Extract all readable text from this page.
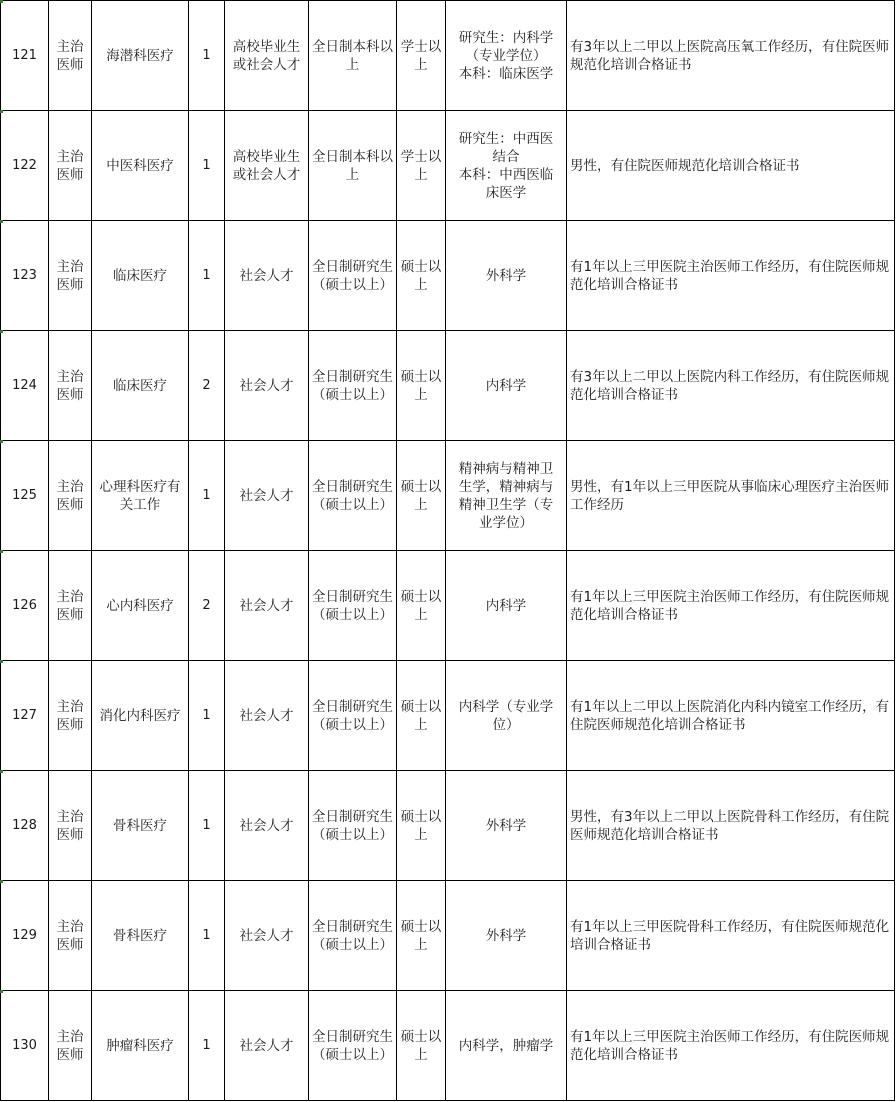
121	主治医师	海潜科医疗	1	高校毕业生或社会人才	全日制本科以上	学士以上	研究生：内科学
（专业学位）
本科：临床医学	有3年以上二甲以上医院高压氧工作经历，有住院医师规范化培训合格证书
122	主治医师	中医科医疗	1	高校毕业生或社会人才	全日制本科以上	学士以上	研究生：中西医
结合
本科：中西医临
床医学	男性，有住院医师规范化培训合格证书
123	主治医师	临床医疗	1	社会人才	全日制研究生（硕士以上）	硕士以上	外科学	有1年以上三甲医院主治医师工作经历，有住院医师规范化培训合格证书
124	主治医师	临床医疗	2	社会人才	全日制研究生（硕士以上）	硕士以上	内科学	有3年以上二甲以上医院内科工作经历，有住院医师规范化培训合格证书
125	主治医师	心理科医疗有关工作	1	社会人才	全日制研究生（硕士以上）	硕士以上	精神病与精神卫
生学，精神病与
精神卫生学（专
业学位）	男性，有1年以上三甲医院从事临床心理医疗主治医师工作经历
126	主治医师	心内科医疗	2	社会人才	全日制研究生（硕士以上）	硕士以上	内科学	有1年以上三甲医院主治医师工作经历，有住院医师规范化培训合格证书
127	主治医师	消化内科医疗	1	社会人才	全日制研究生（硕士以上）	硕士以上	内科学（专业学
位）	有1年以上二甲以上医院消化内科内镜室工作经历，有住院医师规范化培训合格证书
128	主治医师	骨科医疗	1	社会人才	全日制研究生（硕士以上）	硕士以上	外科学	男性，有3年以上二甲以上医院骨科工作经历，有住院医师规范化培训合格证书
129	主治医师	骨科医疗	1	社会人才	全日制研究生（硕士以上）	硕士以上	外科学	有1年以上三甲医院骨科工作经历，有住院医师规范化培训合格证书
130	主治医师	肿瘤科医疗	1	社会人才	全日制研究生（硕士以上）	硕士以上	内科学，肿瘤学	有1年以上三甲医院主治医师工作经历，有住院医师规范化培训合格证书
